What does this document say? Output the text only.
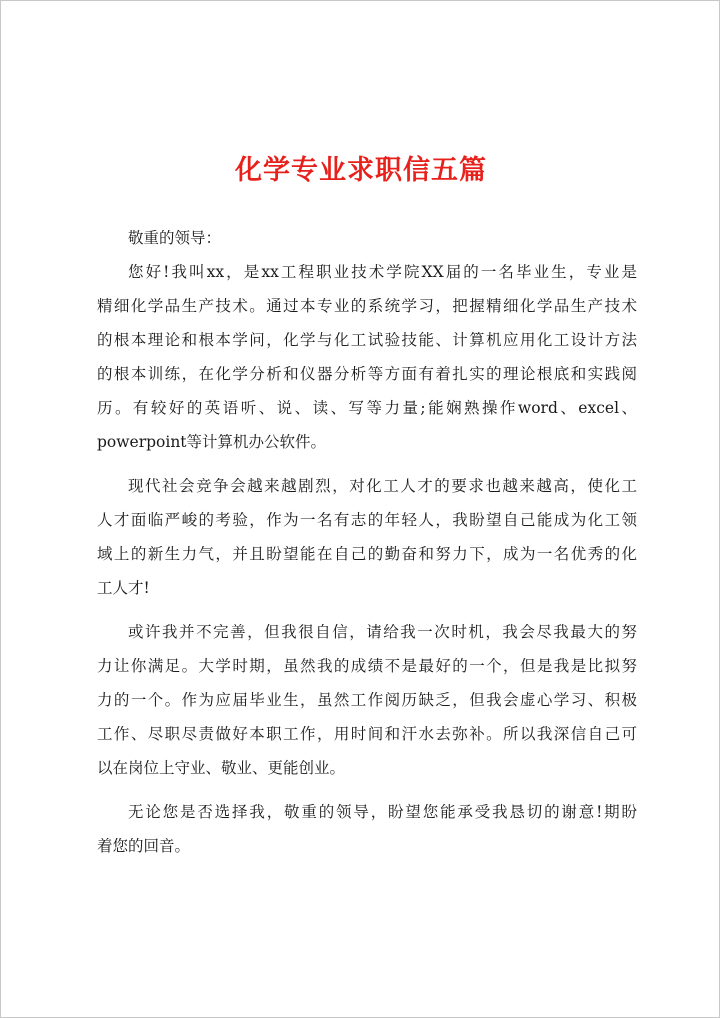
化学专业求职信五篇
敬重的领导：
您好!我叫xx，是xx工程职业技术学院XX届的一名毕业生，专业是
精细化学品生产技术。通过本专业的系统学习，把握精细化学品生产技术
的根本理论和根本学问，化学与化工试验技能、计算机应用化工设计方法
的根本训练，在化学分析和仪器分析等方面有着扎实的理论根底和实践阅
历。有较好的英语听、说、读、写等力量;能娴熟操作word、excel、
powerpoint等计算机办公软件。
现代社会竞争会越来越剧烈，对化工人才的要求也越来越高，使化工
人才面临严峻的考验，作为一名有志的年轻人，我盼望自己能成为化工领
域上的新生力气，并且盼望能在自己的勤奋和努力下，成为一名优秀的化
工人才!
或许我并不完善，但我很自信，请给我一次时机，我会尽我最大的努
力让你满足。大学时期，虽然我的成绩不是最好的一个，但是我是比拟努
力的一个。作为应届毕业生，虽然工作阅历缺乏，但我会虚心学习、积极
工作、尽职尽责做好本职工作，用时间和汗水去弥补。所以我深信自己可
以在岗位上守业、敬业、更能创业。
无论您是否选择我，敬重的领导，盼望您能承受我恳切的谢意!期盼
着您的回音。
